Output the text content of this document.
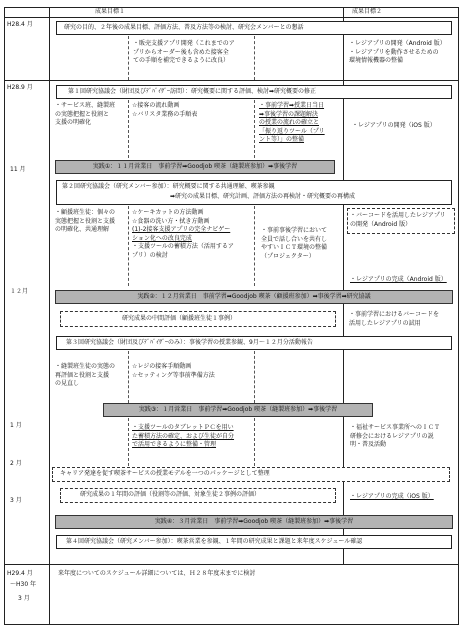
成果目標１	成果目標２
H28.4 月
H28.9 月
11 月
１２月
1 月
2 月
3 月
H29.4 月
～H30 年
3 月
研究の目的、２年後の成果目標、評価方法、普及方法等の検討、研究会メンバーとの懇話
・販売支援アプリ開発（これまでのア
プリからオーダー後も含めた接客全
ての手順を補完できるように改良）
・レジアプリの開発（Android 版）
・レジアプリを動作させるための
環境情報機器の整備
第１回研究協議会（財団及びﾃﾞﾊﾞｲｻﾞｰ訪問）：研究概要に関する評価、検討➡研究概要の修正
・サービス班、縫製班
の実態把握と役割と
支援の明確化
☆接客の流れ動画
☆バリスタ業務の手順表
・事前学習➡授業日当日
➡事後学習の課題解決
の授業の流れの確立と
「振り返りツール（プリ
ント等）」の整備
・レジアプリの開発（iOS 版）
実践①：１１月営業日　事前学習➡Goodjob 喫茶（縫製班参加）➡事後学習
第２回研究協議会（研究メンバー参加）：研究概要に関する共通理解、喫茶参観
➡研究の成果目標、研究計画、評価方法の再検討・研究概要の再構成
・顧援班生徒：個々の
実態把握と役割と支援
の明確化、共通理解
☆ケーキカットの方法動画
☆食器の洗い方・拭き方動画
(1)-2接客支援アプリの完全ナビゲー
ション化への改良完成
・支援ツールの蓄積方法（活用するア
プリ）の検討
・事前事後学習において
全員で話し合いを共有し
やすいＩＣＴ環境の整備
（プロジェクター）
・バーコードを活用したレジアプリ
の開発（Android 版）
・レジアプリの完成（Android 版）
実践②：１２月営業日　事前学習➡Goodjob 喫茶（顧援班参加）➡事後学習➡研究協議
研究成果の中間評価（顧援班生徒１事例）
・事前学習におけるバーコードを
活用したレジアプリの試用
第３回研究協議会（財団及びﾃﾞﾊﾞｲｻﾞｰのみ）：事後学習の授業参観、9月～１２月分活動報告
・縫製班生徒の実態の
再評価と役割と支援
の見直し
☆レジの接客手順動画
☆セッティング等事前準備方法
実践③：１月営業日　事前学習➡Goodjob 喫茶（縫製班参加）➡事後学習
・支援ツールのタブレットＰＣを用い
た蓄積方法の確定、および生徒が自分
で活用できるように整備・管理
・福祉サービス事業所へのＩＣＴ
研修会におけるレジアプリの説
明・普及活動
キャリア発達を促す喫茶サービスの授業モデルを一つのパッケージとして整理
研究成果の１年間の評価（役割等の評価、対象生徒２事例の評価）	・レジアプリの完成（iOS 版）
実践④：３月営業日　事前学習➡Goodjob 喫茶（縫製班参加）➡事後学習
第４回研究協議会（研究メンバー参加）：喫茶営業を参観、１年間の研究成果と課題と来年度スケジュール確認
来年度についてのスケジュール詳細については、Ｈ２８年度末までに検討
